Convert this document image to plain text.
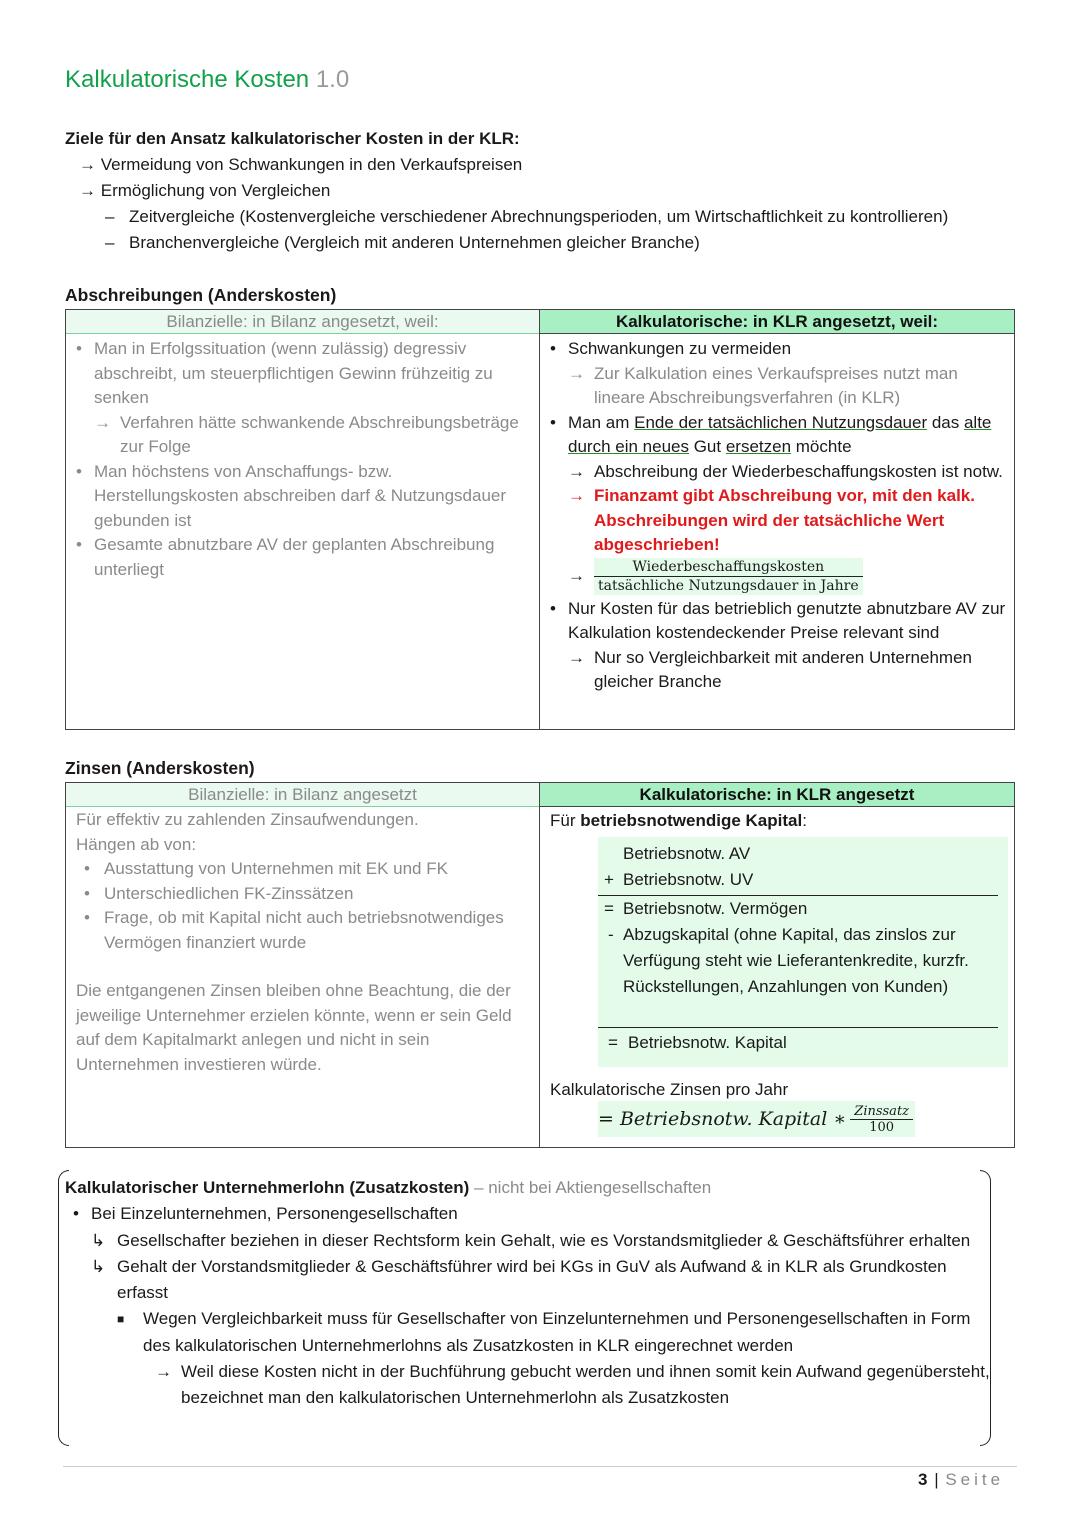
Kalkulatorische Kosten 1.0
Ziele für den Ansatz kalkulatorischer Kosten in der KLR:
→ Vermeidung von Schwankungen in den Verkaufspreisen
→ Ermöglichung von Vergleichen
– Zeitvergleiche (Kostenvergleiche verschiedener Abrechnungsperioden, um Wirtschaftlichkeit zu kontrollieren)
– Branchenvergleiche (Vergleich mit anderen Unternehmen gleicher Branche)
Abschreibungen (Anderskosten)
Bilanzielle: in Bilanz angesetzt, weil:
• Man in Erfolgssituation (wenn zulässig) degressiv abschreibt, um steuerpflichtigen Gewinn frühzeitig zu senken
→ Verfahren hätte schwankende Abschreibungsbeträge zur Folge
• Man höchstens von Anschaffungs- bzw. Herstellungskosten abschreiben darf & Nutzungsdauer gebunden ist
• Gesamte abnutzbare AV der geplanten Abschreibung unterliegt
Kalkulatorische: in KLR angesetzt, weil:
• Schwankungen zu vermeiden
→ Zur Kalkulation eines Verkaufspreises nutzt man lineare Abschreibungsverfahren (in KLR)
• Man am Ende der tatsächlichen Nutzungsdauer das alte durch ein neues Gut ersetzen möchte
→ Abschreibung der Wiederbeschaffungskosten ist notw.
→ Finanzamt gibt Abschreibung vor, mit den kalk. Abschreibungen wird der tatsächliche Wert abgeschrieben!
→ $\frac{\text{Wiederbeschaffungskosten}}{\text{tatsächliche Nutzungsdauer in Jahre}}$
• Nur Kosten für das betrieblich genutzte abnutzbare AV zur Kalkulation kostendeckender Preise relevant sind
→ Nur so Vergleichbarkeit mit anderen Unternehmen gleicher Branche
Zinsen (Anderskosten)
Bilanzielle: in Bilanz angesetzt
Für effektiv zu zahlenden Zinsaufwendungen.
Hängen ab von:
• Ausstattung von Unternehmen mit EK und FK
• Unterschiedlichen FK-Zinssätzen
• Frage, ob mit Kapital nicht auch betriebsnotwendiges Vermögen finanziert wurde
Die entgangenen Zinsen bleiben ohne Beachtung, die der jeweilige Unternehmer erzielen könnte, wenn er sein Geld auf dem Kapitalmarkt anlegen und nicht in sein Unternehmen investieren würde.
Kalkulatorische: in KLR angesetzt
Für betriebsnotwendige Kapital:
Betriebsnotw. AV
+ Betriebsnotw. UV
= Betriebsnotw. Vermögen
- Abzugskapital (ohne Kapital, das zinslos zur Verfügung steht wie Lieferantenkredite, kurzfr. Rückstellungen, Anzahlungen von Kunden)
= Betriebsnotw. Kapital
Kalkulatorische Zinsen pro Jahr
= Betriebsnotw. Kapital ∗ $\frac{\text{Zinssatz}}{100}$
Kalkulatorischer Unternehmerlohn (Zusatzkosten) – nicht bei Aktiengesellschaften
• Bei Einzelunternehmen, Personengesellschaften
↳ Gesellschafter beziehen in dieser Rechtsform kein Gehalt, wie es Vorstandsmitglieder & Geschäftsführer erhalten
↳ Gehalt der Vorstandsmitglieder & Geschäftsführer wird bei KGs in GuV als Aufwand & in KLR als Grundkosten erfasst
■ Wegen Vergleichbarkeit muss für Gesellschafter von Einzelunternehmen und Personengesellschaften in Form des kalkulatorischen Unternehmerlohns als Zusatzkosten in KLR eingerechnet werden
→ Weil diese Kosten nicht in der Buchführung gebucht werden und ihnen somit kein Aufwand gegenübersteht, bezeichnet man den kalkulatorischen Unternehmerlohn als Zusatzkosten
3 | Seite
